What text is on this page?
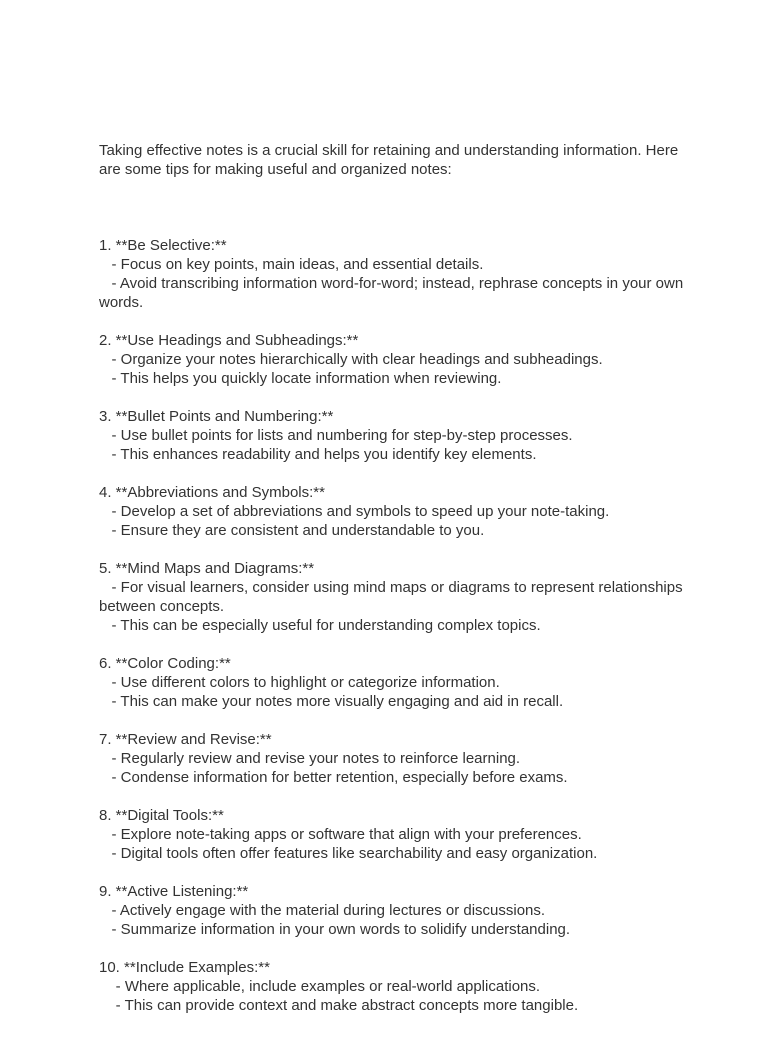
Taking effective notes is a crucial skill for retaining and understanding information. Here are some tips for making useful and organized notes:

1. **Be Selective:**
- Focus on key points, main ideas, and essential details.
- Avoid transcribing information word-for-word; instead, rephrase concepts in your own words.
2. **Use Headings and Subheadings:**
- Organize your notes hierarchically with clear headings and subheadings.
- This helps you quickly locate information when reviewing.
3. **Bullet Points and Numbering:**
- Use bullet points for lists and numbering for step-by-step processes.
- This enhances readability and helps you identify key elements.
4. **Abbreviations and Symbols:**
- Develop a set of abbreviations and symbols to speed up your note-taking.
- Ensure they are consistent and understandable to you.
5. **Mind Maps and Diagrams:**
- For visual learners, consider using mind maps or diagrams to represent relationships between concepts.
- This can be especially useful for understanding complex topics.
6. **Color Coding:**
- Use different colors to highlight or categorize information.
- This can make your notes more visually engaging and aid in recall.
7. **Review and Revise:**
- Regularly review and revise your notes to reinforce learning.
- Condense information for better retention, especially before exams.
8. **Digital Tools:**
- Explore note-taking apps or software that align with your preferences.
- Digital tools often offer features like searchability and easy organization.
9. **Active Listening:**
- Actively engage with the material during lectures or discussions.
- Summarize information in your own words to solidify understanding.
10. **Include Examples:**
- Where applicable, include examples or real-world applications.
- This can provide context and make abstract concepts more tangible.
